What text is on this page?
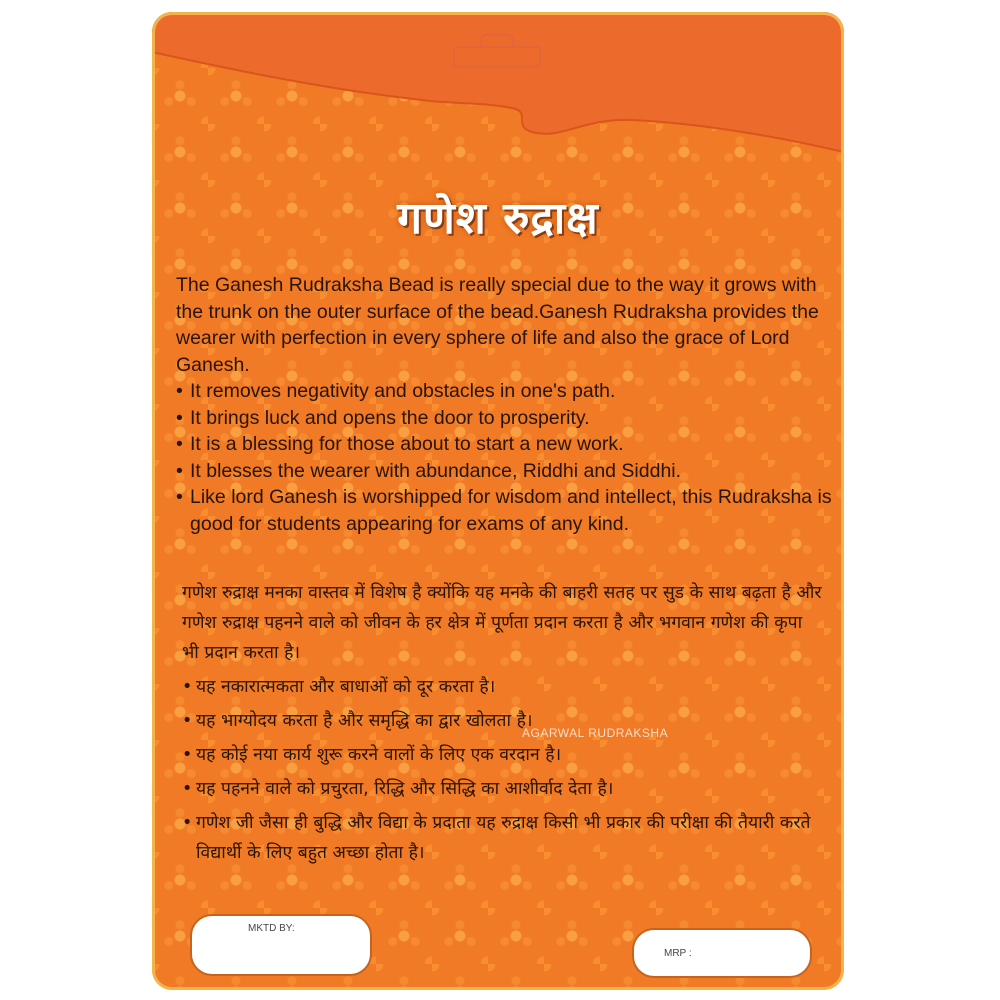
गणेश रुद्राक्ष

The Ganesh Rudraksha Bead is really special due to the way it grows with the trunk on the outer surface of the bead.Ganesh Rudraksha provides the wearer with perfection in every sphere of life and also the grace of Lord Ganesh.

• It removes negativity and obstacles in one's path.
• It brings luck and opens the door to prosperity.
• It is a blessing for those about to start a new work.
• It blesses the wearer with abundance, Riddhi and Siddhi.
• Like lord Ganesh is worshipped for wisdom and intellect, this Rudraksha is good for students appearing for exams of any kind.

गणेश रुद्राक्ष मनका वास्तव में विशेष है क्योंकि यह मनके की बाहरी सतह पर सुड के साथ बढ़ता है और गणेश रुद्राक्ष पहनने वाले को जीवन के हर क्षेत्र में पूर्णता प्रदान करता है और भगवान गणेश की कृपा भी प्रदान करता है।

• यह नकारात्मकता और बाधाओं को दूर करता है।
• यह भाग्योदय करता है और समृद्धि का द्वार खोलता है।
• यह कोई नया कार्य शुरू करने वालों के लिए एक वरदान है।
• यह पहनने वाले को प्रचुरता, रिद्धि और सिद्धि का आशीर्वाद देता है।
• गणेश जी जैसा ही बुद्धि और विद्या के प्रदाता यह रुद्राक्ष किसी भी प्रकार की परीक्षा की तैयारी करते विद्यार्थी के लिए बहुत अच्छा होता है।
AGARWAL RUDRAKSHA
MKTD BY:
MRP :
